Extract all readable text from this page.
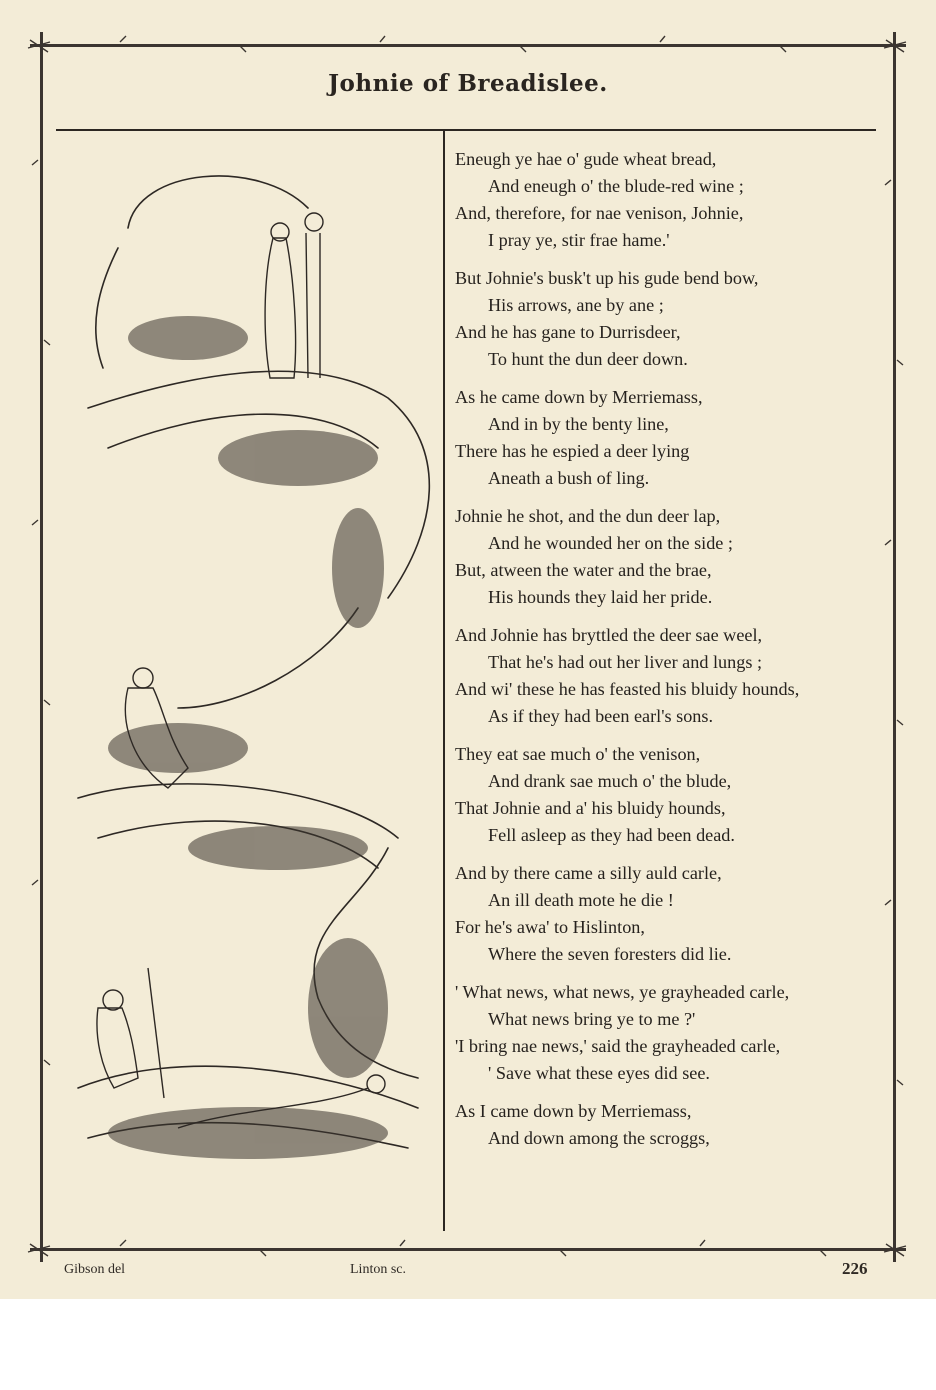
Johnie of Breadislee.
Eneugh ye hae o' gude wheat bread,
And eneugh o' the blude-red wine ;
And, therefore, for nae venison, Johnie,
I pray ye, stir frae hame.'
But Johnie's busk't up his gude bend bow,
His arrows, ane by ane ;
And he has gane to Durrisdeer,
To hunt the dun deer down.
As he came down by Merriemass,
And in by the benty line,
There has he espied a deer lying
Aneath a bush of ling.
Johnie he shot, and the dun deer lap,
And he wounded her on the side ;
But, atween the water and the brae,
His hounds they laid her pride.
And Johnie has bryttled the deer sae weel,
That he's had out her liver and lungs ;
And wi' these he has feasted his bluidy hounds,
As if they had been earl's sons.
They eat sae much o' the venison,
And drank sae much o' the blude,
That Johnie and a' his bluidy hounds,
Fell asleep as they had been dead.
And by there came a silly auld carle,
An ill death mote he die !
For he's awa' to Hislinton,
Where the seven foresters did lie.
' What news, what news, ye grayheaded carle,
What news bring ye to me ?'
'I bring nae news,' said the grayheaded carle,
' Save what these eyes did see.
As I came down by Merriemass,
And down among the scroggs,
Gibson del	Linton sc.	226
